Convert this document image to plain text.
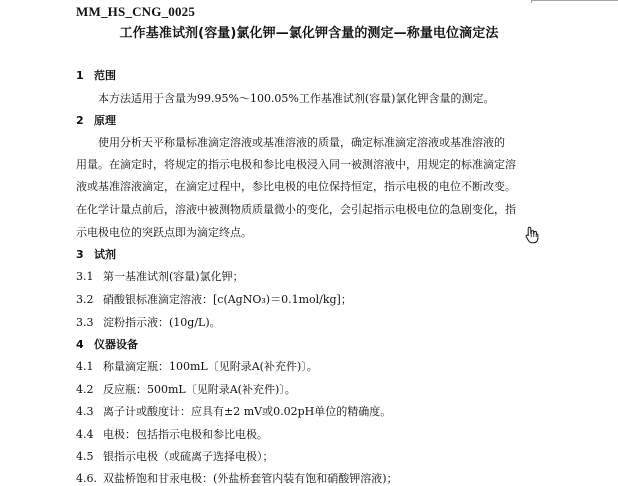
MM_HS_CNG_0025
工作基准试剂(容量)氯化钾—氯化钾含量的测定—称量电位滴定法
1 范围
本方法适用于含量为99.95%～100.05%工作基准试剂(容量)氯化钾含量的测定。
2 原理
使用分析天平称量标准滴定溶液或基准溶液的质量，确定标准滴定溶液或基准溶液的
用量。在滴定时，将规定的指示电极和参比电极浸入同一被测溶液中，用规定的标准滴定溶
液或基准溶液滴定，在滴定过程中，参比电极的电位保持恒定，指示电极的电位不断改变。
在化学计量点前后，溶液中被测物质质量微小的变化，会引起指示电极电位的急剧变化，指
示电极电位的突跃点即为滴定终点。
3 试剂
3.1 第一基准试剂(容量)氯化钾；
3.2 硝酸银标准滴定溶液：[c(AgNO₃)＝0.1mol/kg]；
3.3 淀粉指示液：(10g/L)。
4 仪器设备
4.1 称量滴定瓶：100mL〔见附录A(补充件)〕。
4.2 反应瓶：500mL〔见附录A(补充件)〕。
4.3 离子计或酸度计：应具有±2 mV或0.02pH单位的精确度。
4.4 电极：包括指示电极和参比电极。
4.5 银指示电极（或硫离子选择电极）；
4.6. 双盐桥饱和甘汞电极：(外盐桥套管内装有饱和硝酸钾溶液)；
